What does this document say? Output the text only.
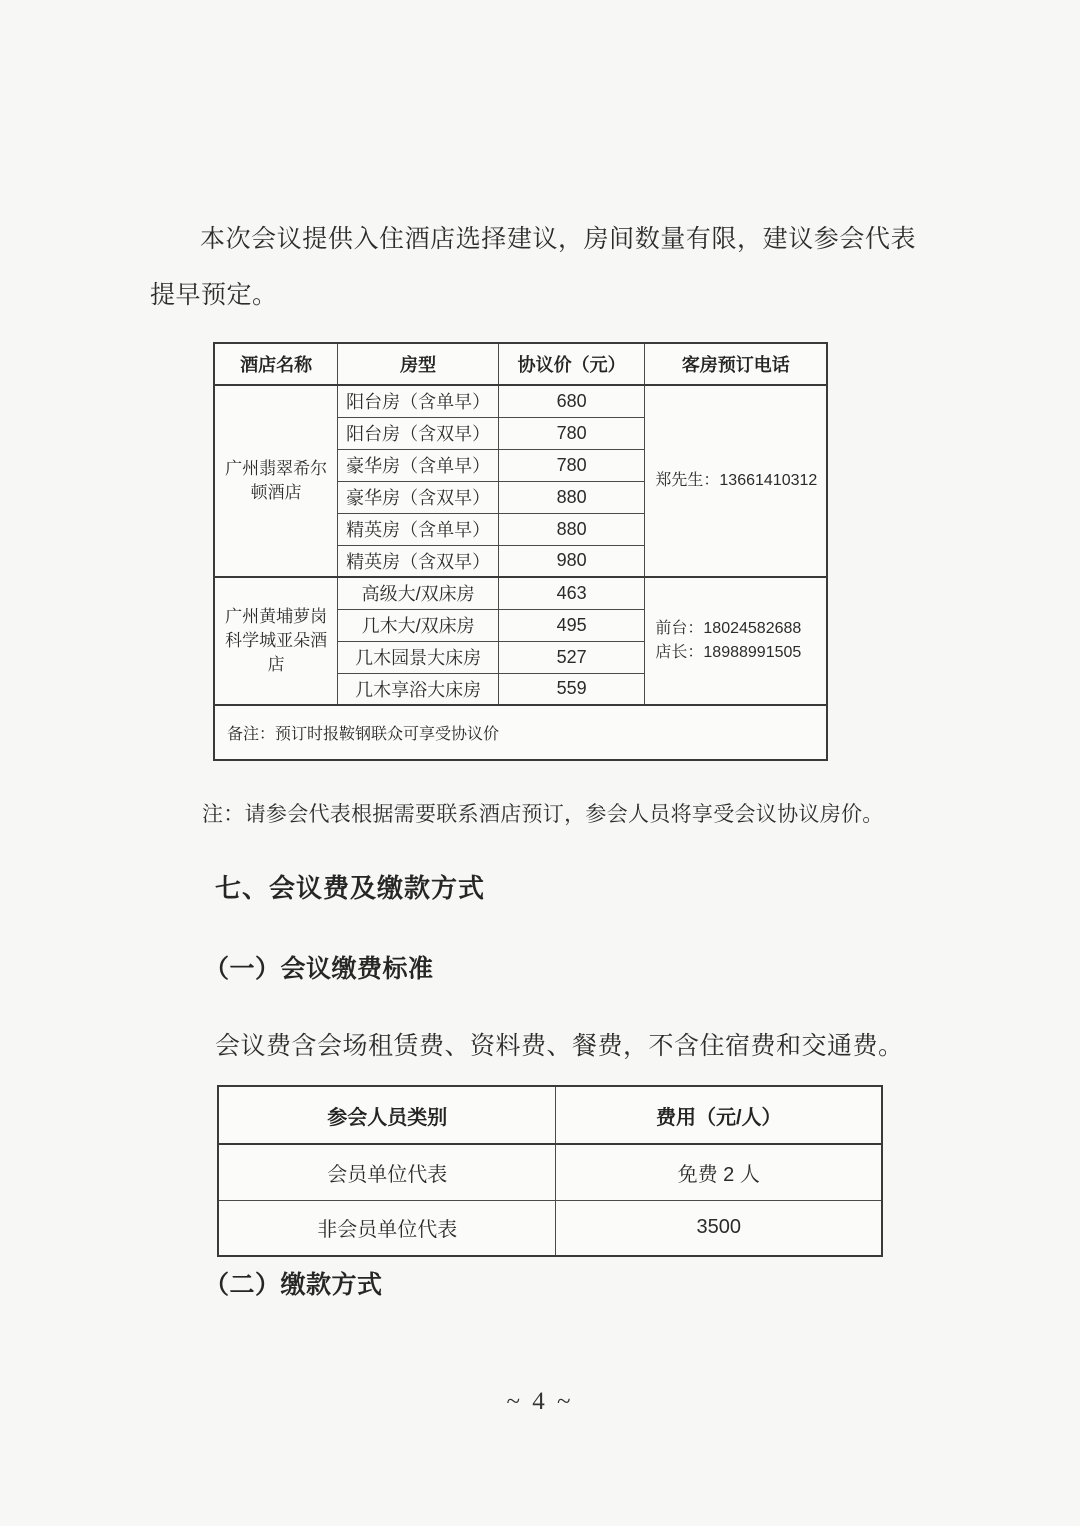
本次会议提供入住酒店选择建议，房间数量有限，建议参会代表提早预定。

酒店名称	房型	协议价（元）	客房预订电话
广州翡翠希尔顿酒店	阳台房（含单早）	680	郑先生：13661410312
	阳台房（含双早）	780	
	豪华房（含单早）	780	
	豪华房（含双早）	880	
	精英房（含单早）	880	
	精英房（含双早）	980	
广州黄埔萝岗科学城亚朵酒店	高级大/双床房	463	前台：18024582688
店长：18988991505

	几木大/双床房	495	
	几木园景大床房	527	
	几木享浴大床房	559	
备注：预订时报鞍钢联众可享受协议价			

注：请参会代表根据需要联系酒店预订，参会人员将享受会议协议房价。

七、会议费及缴款方式
（一）会议缴费标准

会议费含会场租赁费、资料费、餐费，不含住宿费和交通费。

参会人员类别	费用（元/人）
会员单位代表	免费 2 人
非会员单位代表	3500
（二）缴款方式
~ 4 ~
